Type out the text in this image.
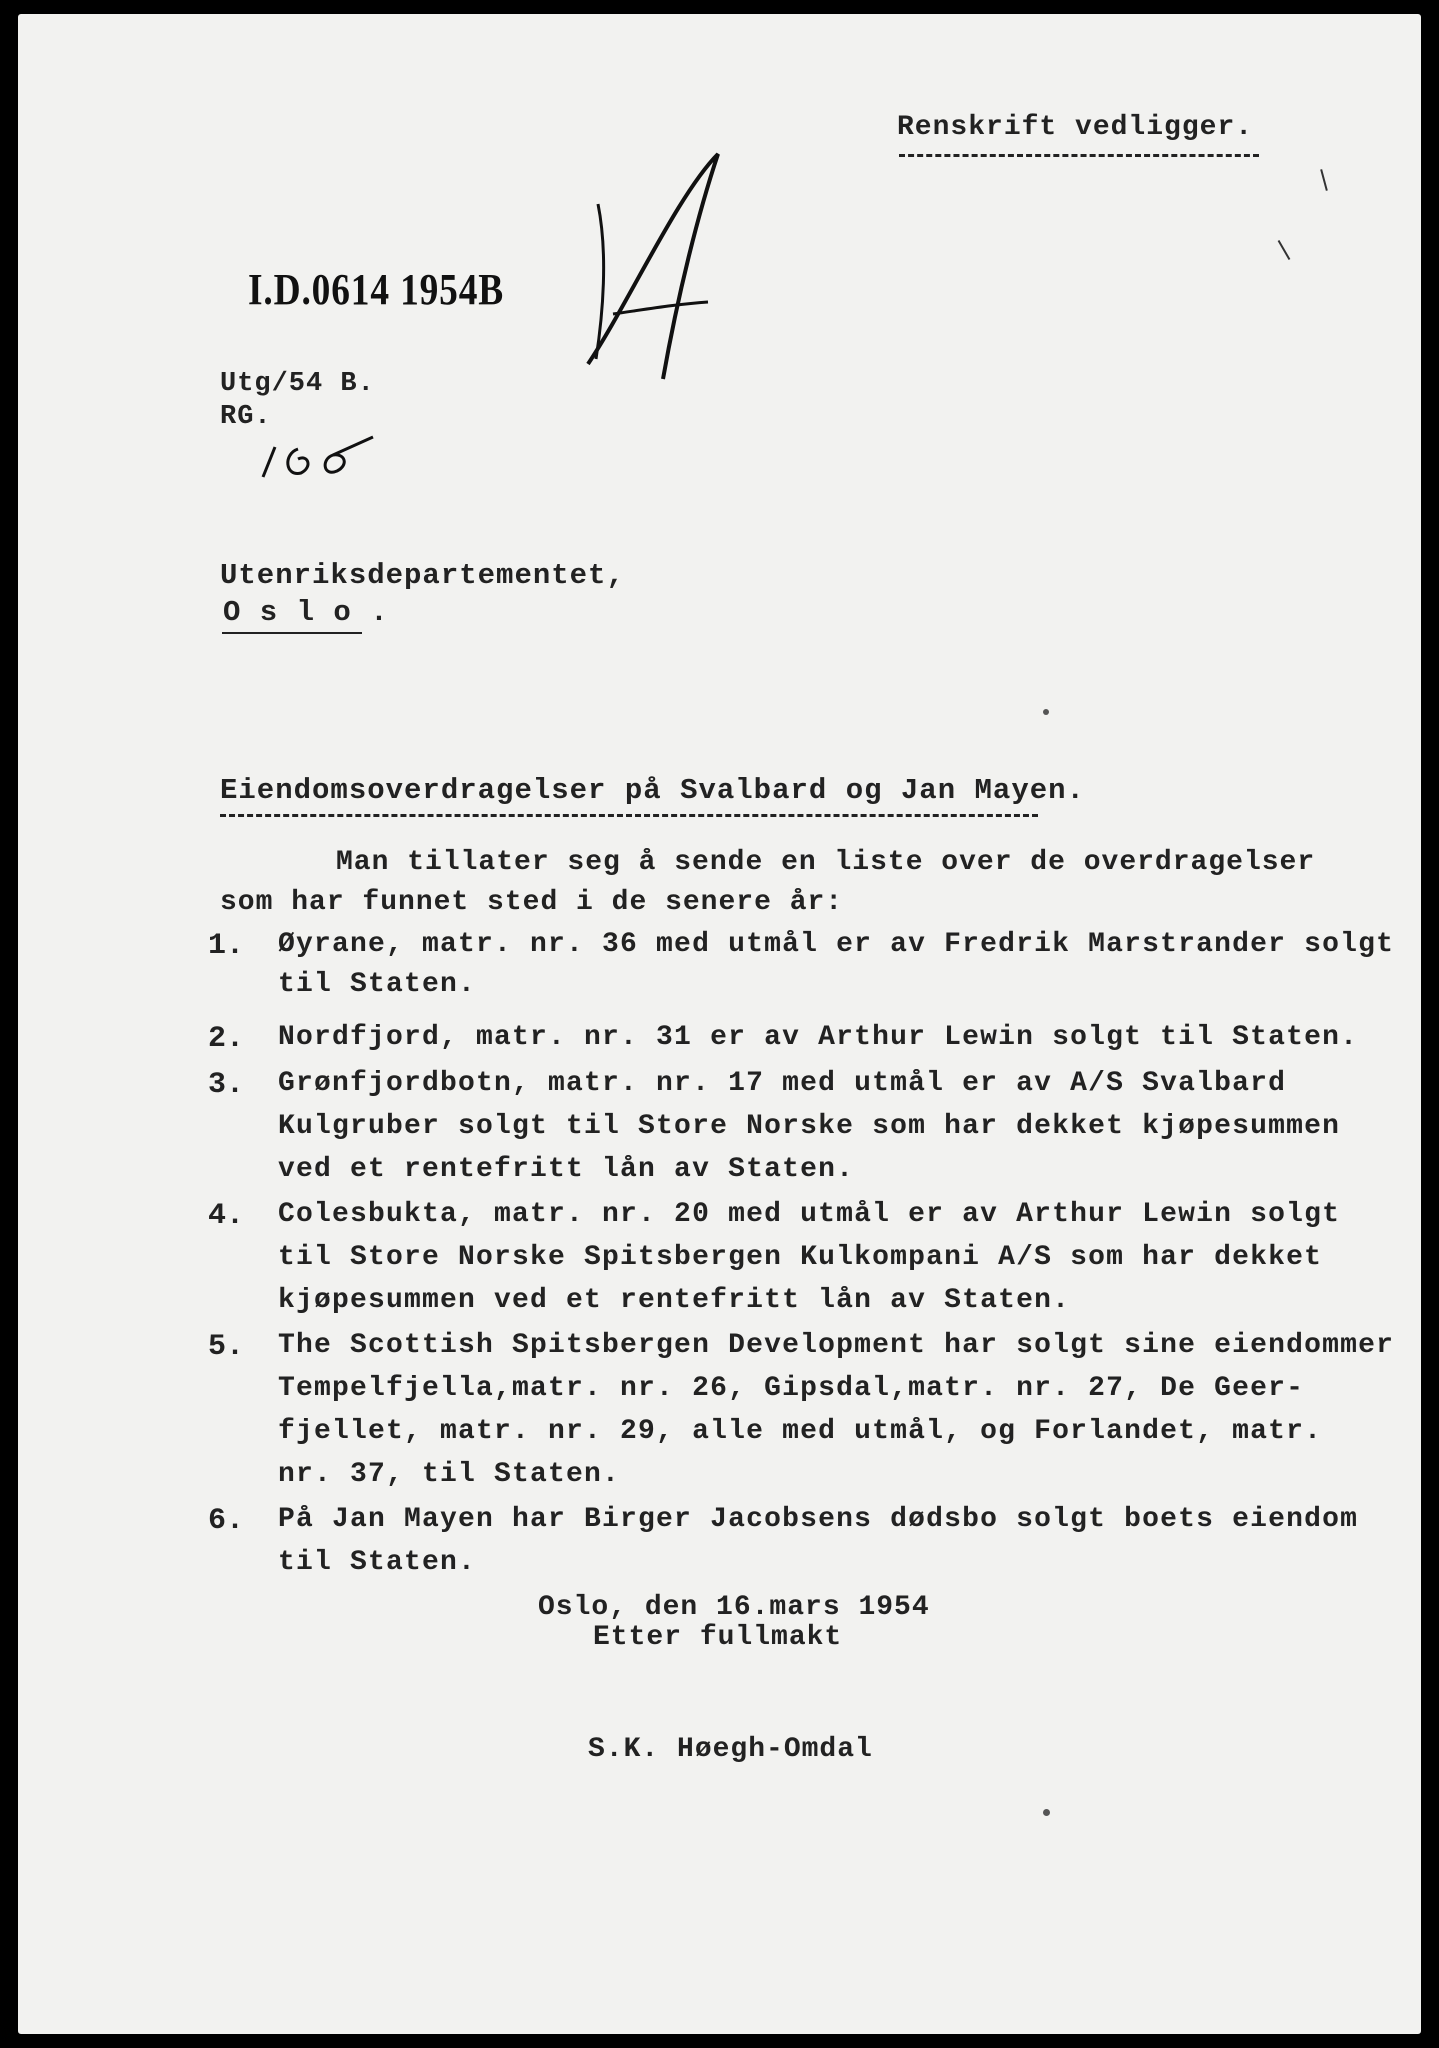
Renskrift vedligger.
I.D.0614 1954B
Utg/54 B.
RG.
Utenriksdepartementet,
O s l o .
Eiendomsoverdragelser på Svalbard og Jan Mayen.
Man tillater seg å sende en liste over de overdragelser
som har funnet sted i de senere år:
1. Øyrane, matr. nr. 36 med utmål er av Fredrik Marstrander solgt
til Staten.
2. Nordfjord, matr. nr. 31 er av Arthur Lewin solgt til Staten.
3. Grønfjordbotn, matr. nr. 17 med utmål er av A/S Svalbard
Kulgruber solgt til Store Norske som har dekket kjøpesummen
ved et rentefritt lån av Staten.
4. Colesbukta, matr. nr. 20 med utmål er av Arthur Lewin solgt
til Store Norske Spitsbergen Kulkompani A/S som har dekket
kjøpesummen ved et rentefritt lån av Staten.
5. The Scottish Spitsbergen Development har solgt sine eiendommer
Tempelfjella,matr. nr. 26, Gipsdal,matr. nr. 27, De Geer-
fjellet, matr. nr. 29, alle med utmål, og Forlandet, matr.
nr. 37, til Staten.
6. På Jan Mayen har Birger Jacobsens dødsbo solgt boets eiendom
til Staten.
Oslo, den 16.mars 1954
Etter fullmakt
S.K. Høegh-Omdal
